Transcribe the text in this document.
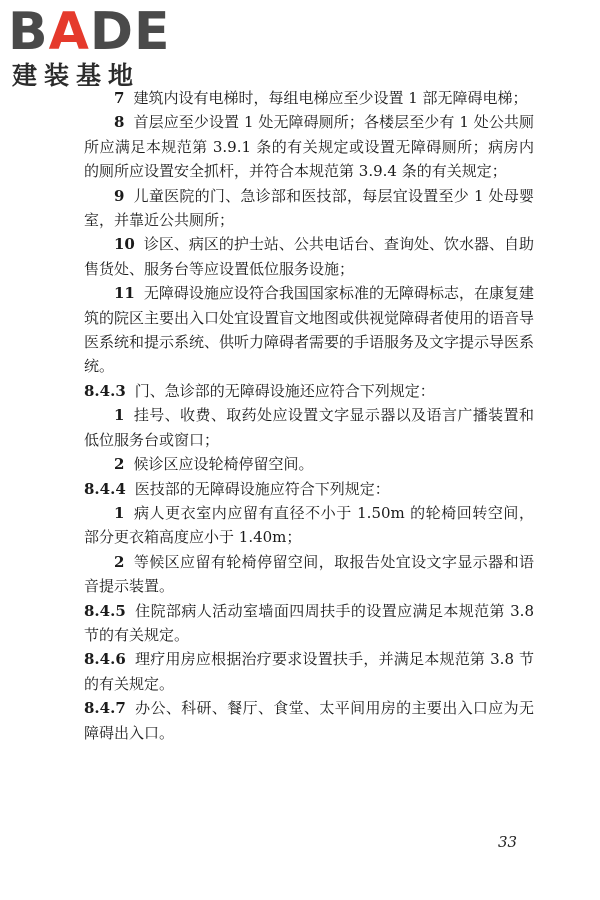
BADE
建装基地

7 建筑内设有电梯时，每组电梯应至少设置 1 部无障碍电梯；

8 首层应至少设置 1 处无障碍厕所；各楼层至少有 1 处公共厕所应满足本规范第 3.9.1 条的有关规定或设置无障碍厕所；病房内的厕所应设置安全抓杆，并符合本规范第 3.9.4 条的有关规定；

9 儿童医院的门、急诊部和医技部，每层宜设置至少 1 处母婴室，并靠近公共厕所；

10 诊区、病区的护士站、公共电话台、查询处、饮水器、自助售货处、服务台等应设置低位服务设施；

11 无障碍设施应设符合我国国家标准的无障碍标志，在康复建筑的院区主要出入口处宜设置盲文地图或供视觉障碍者使用的语音导医系统和提示系统、供听力障碍者需要的手语服务及文字提示导医系统。

8.4.3 门、急诊部的无障碍设施还应符合下列规定：

1 挂号、收费、取药处应设置文字显示器以及语言广播装置和低位服务台或窗口；

2 候诊区应设轮椅停留空间。

8.4.4 医技部的无障碍设施应符合下列规定：

1 病人更衣室内应留有直径不小于 1.50m 的轮椅回转空间，部分更衣箱高度应小于 1.40m；

2 等候区应留有轮椅停留空间，取报告处宜设文字显示器和语音提示装置。

8.4.5 住院部病人活动室墙面四周扶手的设置应满足本规范第 3.8 节的有关规定。

8.4.6 理疗用房应根据治疗要求设置扶手，并满足本规范第 3.8 节的有关规定。

8.4.7 办公、科研、餐厅、食堂、太平间用房的主要出入口应为无障碍出入口。

33
